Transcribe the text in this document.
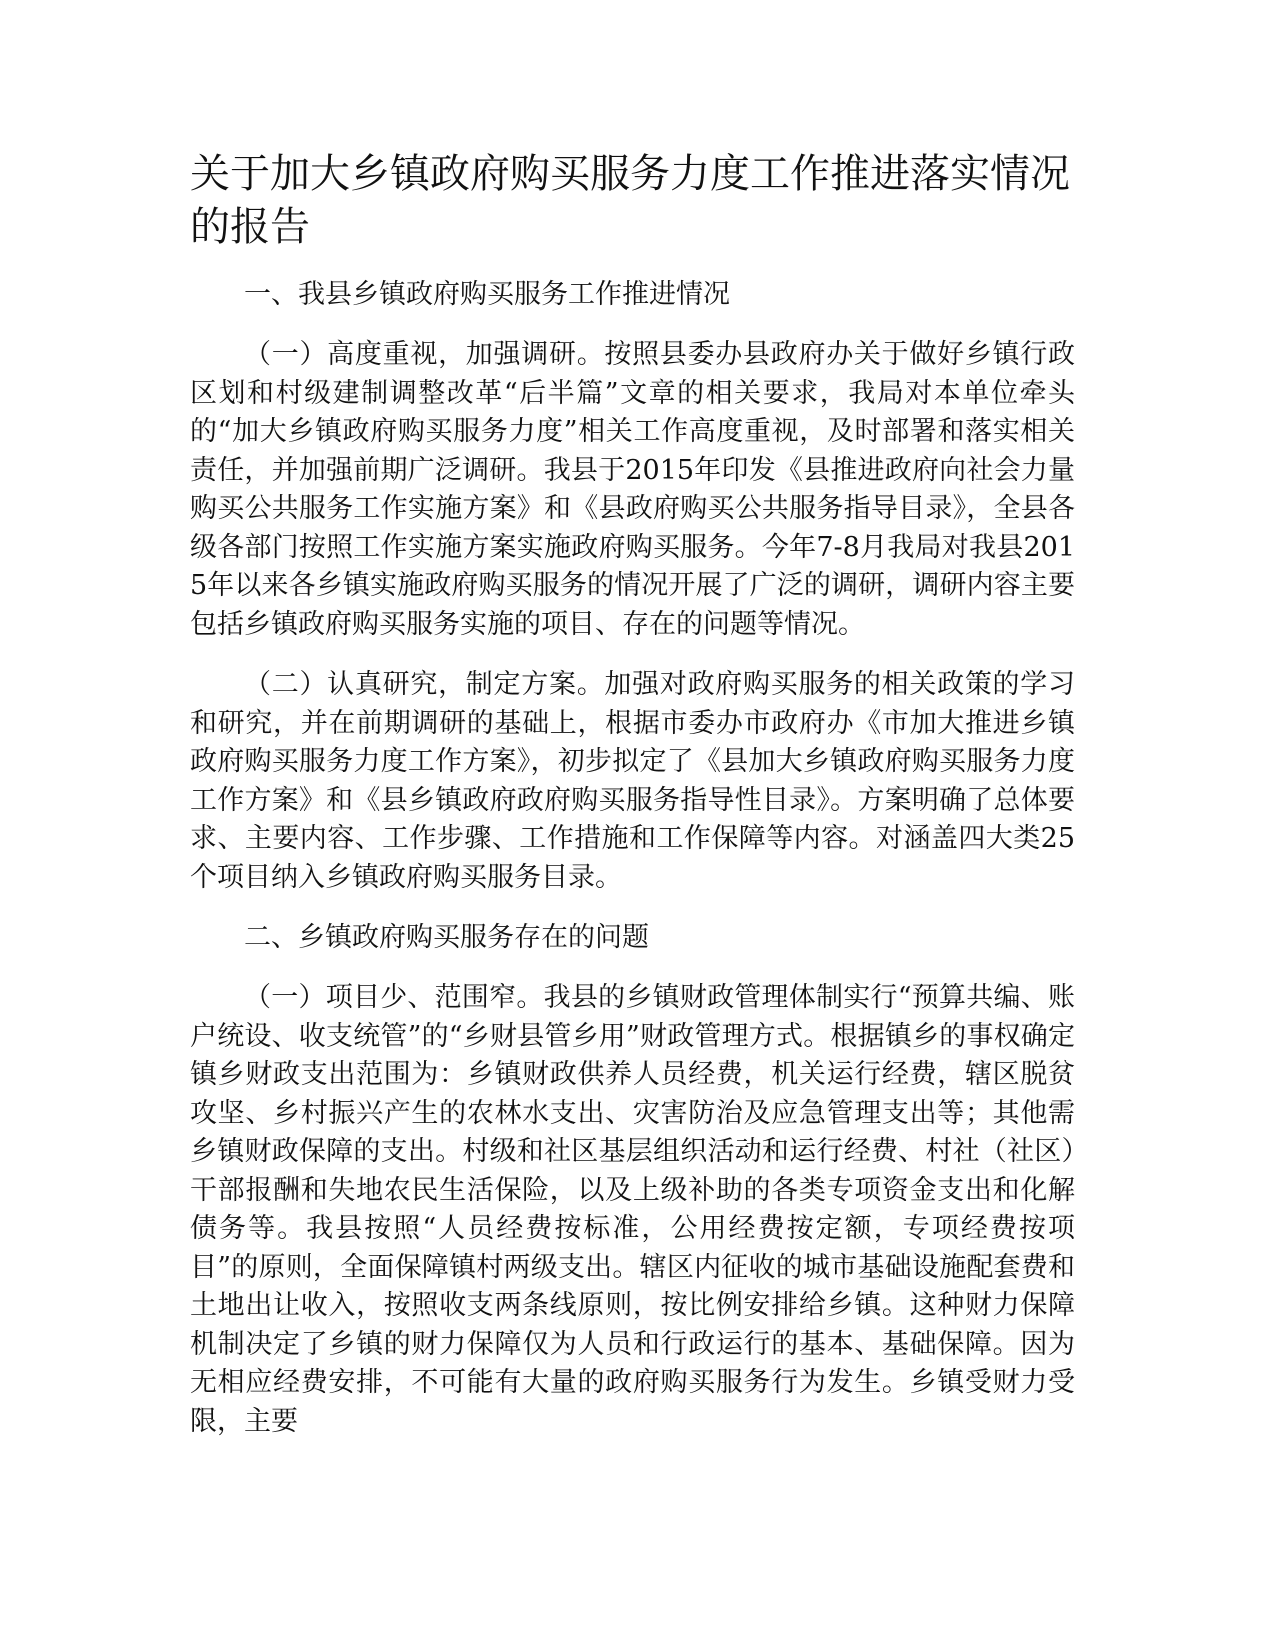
关于加大乡镇政府购买服务力度工作推进落实情况的报告

一、我县乡镇政府购买服务工作推进情况

（一）高度重视，加强调研。按照县委办县政府办关于做好乡镇行政区划和村级建制调整改革“后半篇”文章的相关要求，我局对本单位牵头的“加大乡镇政府购买服务力度”相关工作高度重视，及时部署和落实相关责任，并加强前期广泛调研。我县于2015年印发《县推进政府向社会力量购买公共服务工作实施方案》和《县政府购买公共服务指导目录》，全县各级各部门按照工作实施方案实施政府购买服务。今年7-8月我局对我县2015年以来各乡镇实施政府购买服务的情况开展了广泛的调研，调研内容主要包括乡镇政府购买服务实施的项目、存在的问题等情况。

（二）认真研究，制定方案。加强对政府购买服务的相关政策的学习和研究，并在前期调研的基础上，根据市委办市政府办《市加大推进乡镇政府购买服务力度工作方案》，初步拟定了《县加大乡镇政府购买服务力度工作方案》和《县乡镇政府政府购买服务指导性目录》。方案明确了总体要求、主要内容、工作步骤、工作措施和工作保障等内容。对涵盖四大类25个项目纳入乡镇政府购买服务目录。

二、乡镇政府购买服务存在的问题

（一）项目少、范围窄。我县的乡镇财政管理体制实行“预算共编、账户统设、收支统管”的“乡财县管乡用”财政管理方式。根据镇乡的事权确定镇乡财政支出范围为：乡镇财政供养人员经费，机关运行经费，辖区脱贫攻坚、乡村振兴产生的农林水支出、灾害防治及应急管理支出等；其他需乡镇财政保障的支出。村级和社区基层组织活动和运行经费、村社（社区）干部报酬和失地农民生活保险，以及上级补助的各类专项资金支出和化解债务等。我县按照“人员经费按标准，公用经费按定额，专项经费按项目”的原则，全面保障镇村两级支出。辖区内征收的城市基础设施配套费和土地出让收入，按照收支两条线原则，按比例安排给乡镇。这种财力保障机制决定了乡镇的财力保障仅为人员和行政运行的基本、基础保障。因为无相应经费安排，不可能有大量的政府购买服务行为发生。乡镇受财力受限，主要
